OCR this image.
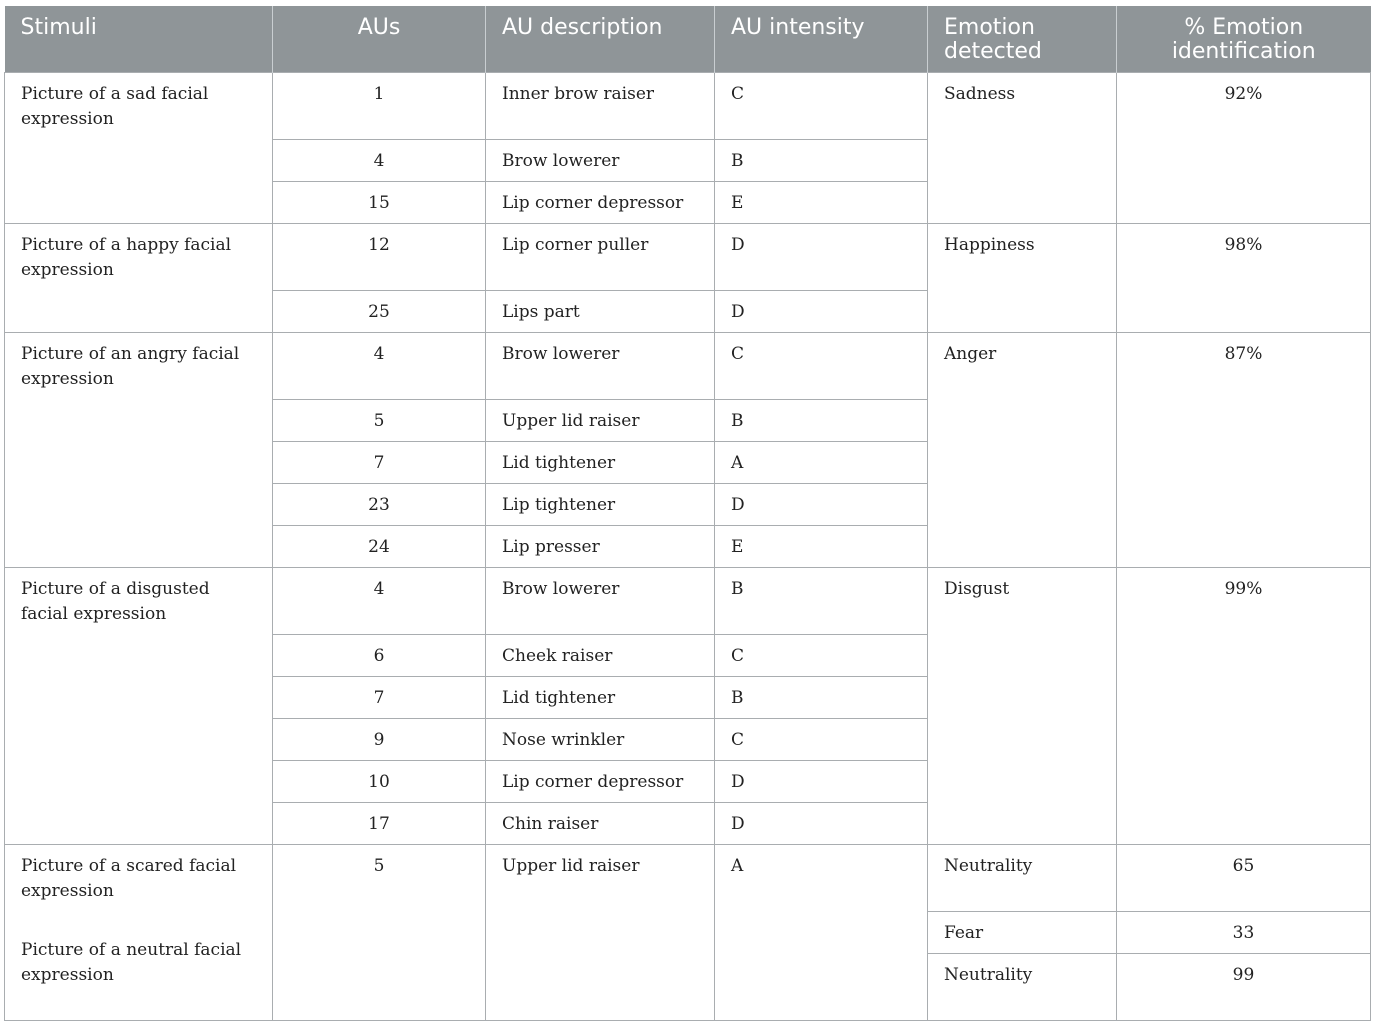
Stimuli	AUs	AU description	AU intensity	Emotion detected	% Emotion identification
Picture of a sad facial expression	1	Inner brow raiser	C	Sadness	92%
	4	Brow lowerer	B		
	15	Lip corner depressor	E		
Picture of a happy facial expression	12	Lip corner puller	D	Happiness	98%
	25	Lips part	D		
Picture of an angry facial expression	4	Brow lowerer	C	Anger	87%
	5	Upper lid raiser	B		
	7	Lid tightener	A		
	23	Lip tightener	D		
	24	Lip presser	E		
Picture of a disgusted facial expression	4	Brow lowerer	B	Disgust	99%
	6	Cheek raiser	C		
	7	Lid tightener	B		
	9	Nose wrinkler	C		
	10	Lip corner depressor	D		
	17	Chin raiser	D		

Picture of a scared facial expression
Picture of a neutral facial expression	5	Upper lid raiser	A	Neutrality	65
				Fear	33
				Neutrality	99
